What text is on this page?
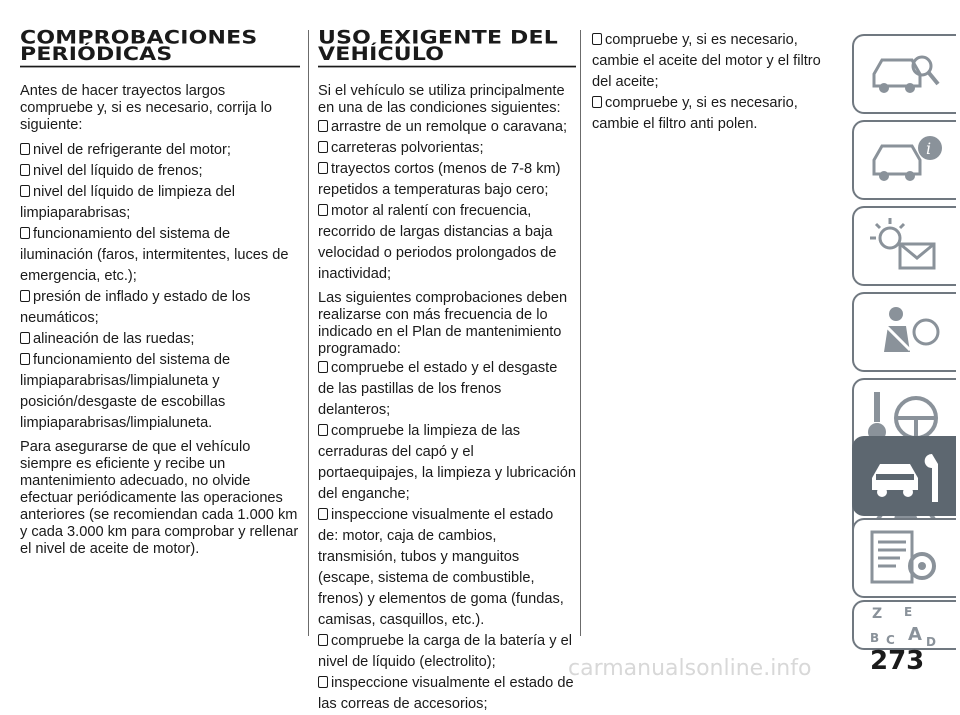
COMPROBACIONES
PERIÓDICAS

Antes de hacer trayectos largos compruebe y, si es necesario, corrija lo siguiente:

nivel de refrigerante del motor;
nivel del líquido de frenos;
nivel del líquido de limpieza del limpiaparabrisas;
funcionamiento del sistema de iluminación (faros, intermitentes, luces de emergencia, etc.);
presión de inflado y estado de los neumáticos;
alineación de las ruedas;
funcionamiento del sistema de limpiaparabrisas/limpialuneta y posición/desgaste de escobillas limpiaparabrisas/limpialuneta.

Para asegurarse de que el vehículo siempre es eficiente y recibe un mantenimiento adecuado, no olvide efectuar periódicamente las operaciones anteriores (se recomiendan cada 1.000 km y cada 3.000 km para comprobar y rellenar el nivel de aceite de motor).

USO EXIGENTE DEL
VEHÍCULO

Si el vehículo se utiliza principalmente en una de las condiciones siguientes:

arrastre de un remolque o caravana;
carreteras polvorientas;
trayectos cortos (menos de 7-8 km) repetidos a temperaturas bajo cero;
motor al ralentí con frecuencia, recorrido de largas distancias a baja velocidad o periodos prolongados de inactividad;

Las siguientes comprobaciones deben realizarse con más frecuencia de lo indicado en el Plan de mantenimiento programado:

compruebe el estado y el desgaste de las pastillas de los frenos delanteros;
compruebe la limpieza de las cerraduras del capó y el portaequipajes, la limpieza y lubricación del enganche;
inspeccione visualmente el estado de: motor, caja de cambios, transmisión, tubos y manguitos (escape, sistema de combustible, frenos) y elementos de goma (fundas, camisas, casquillos, etc.).
compruebe la carga de la batería y el nivel de líquido (electrolito);
inspeccione visualmente el estado de las correas de accesorios;
compruebe y, si es necesario, cambie el aceite del motor y el filtro del aceite;
compruebe y, si es necesario, cambie el filtro anti polen.
i
Z E
B A
C	D
273
carmanualsonline.info
